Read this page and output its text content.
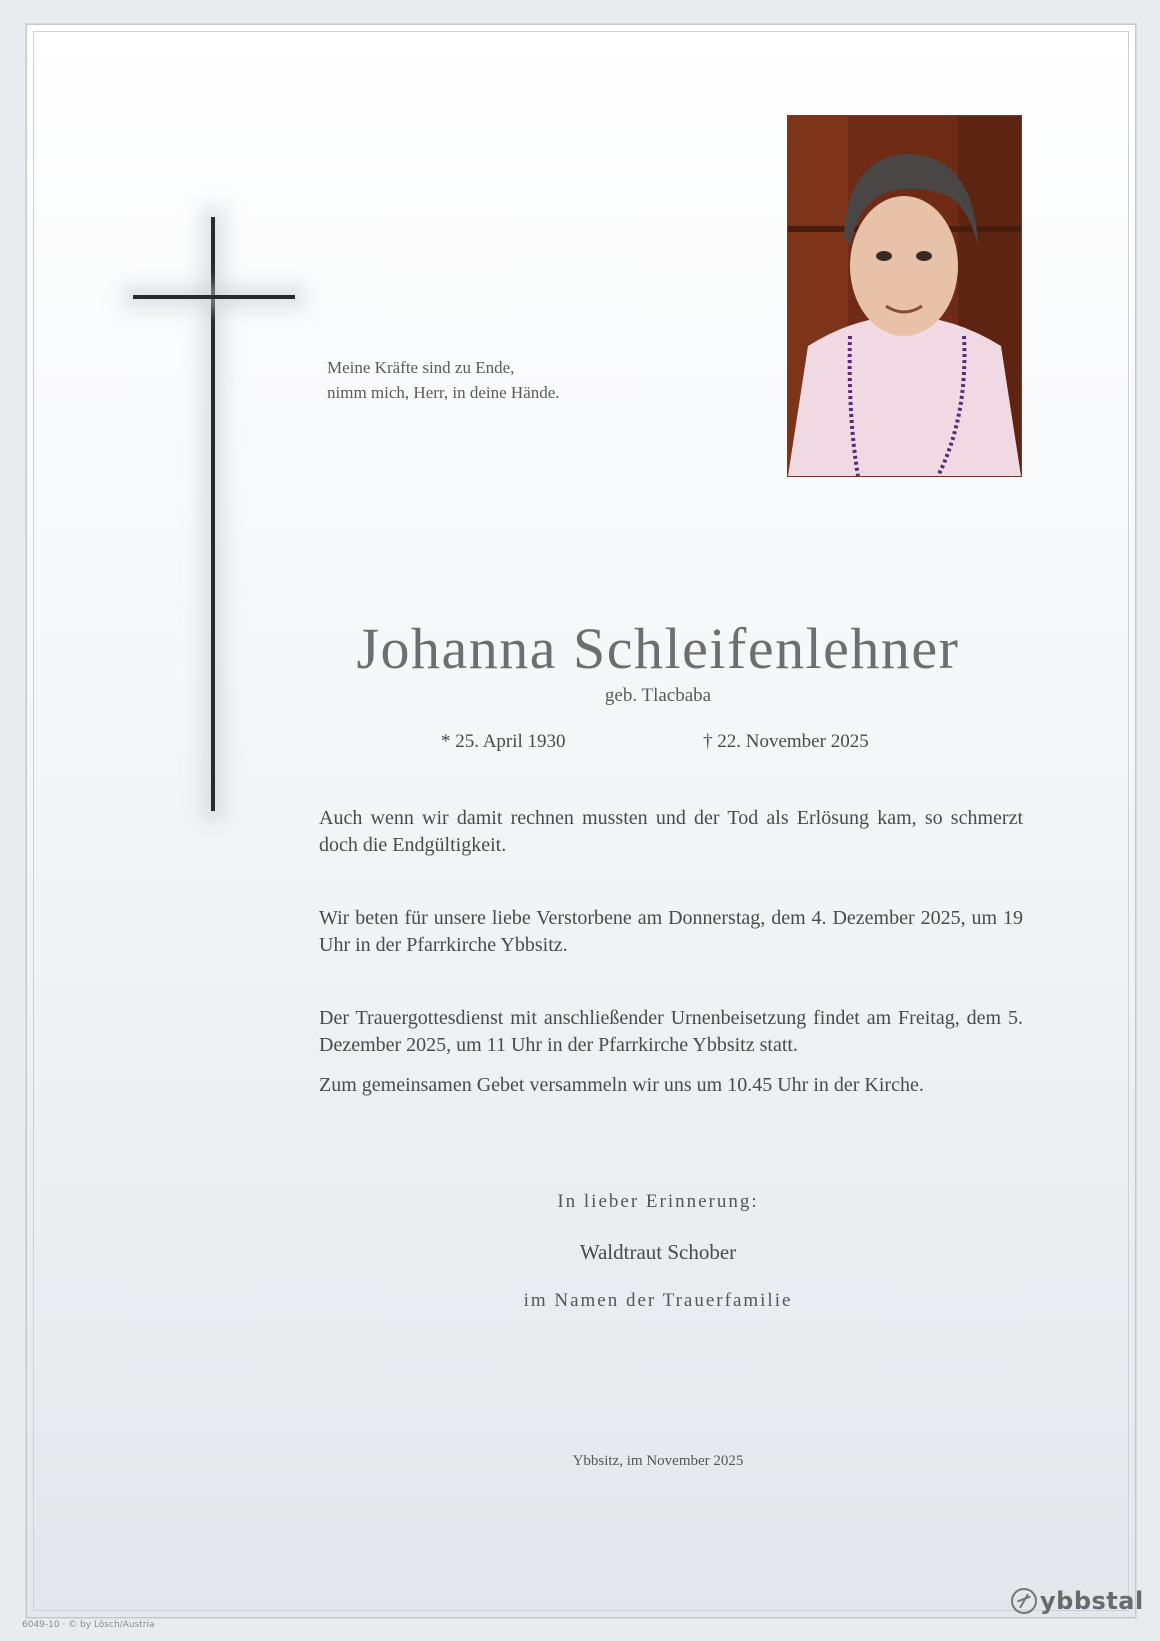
Meine Kräfte sind zu Ende,
nimm mich, Herr, in deine Hände.
Johanna Schleifenlehner
geb. Tlacbaba
* 25. April 1930	† 22. November 2025
Auch wenn wir damit rechnen mussten und der Tod als Erlösung kam, so schmerzt doch die Endgültigkeit.
Wir beten für unsere liebe Verstorbene am Donnerstag, dem 4. Dezember 2025, um 19 Uhr in der Pfarrkirche Ybbsitz.
Der Trauergottesdienst mit anschließender Urnenbeisetzung findet am Freitag, dem 5. Dezember 2025, um 11 Uhr in der Pfarrkirche Ybbsitz statt.
Zum gemeinsamen Gebet versammeln wir uns um 10.45 Uhr in der Kirche.
In lieber Erinnerung:
Waldtraut Schober
im Namen der Trauerfamilie
Ybbsitz, im November 2025
ybbstal
6049-10 · © by Lösch/Austria
